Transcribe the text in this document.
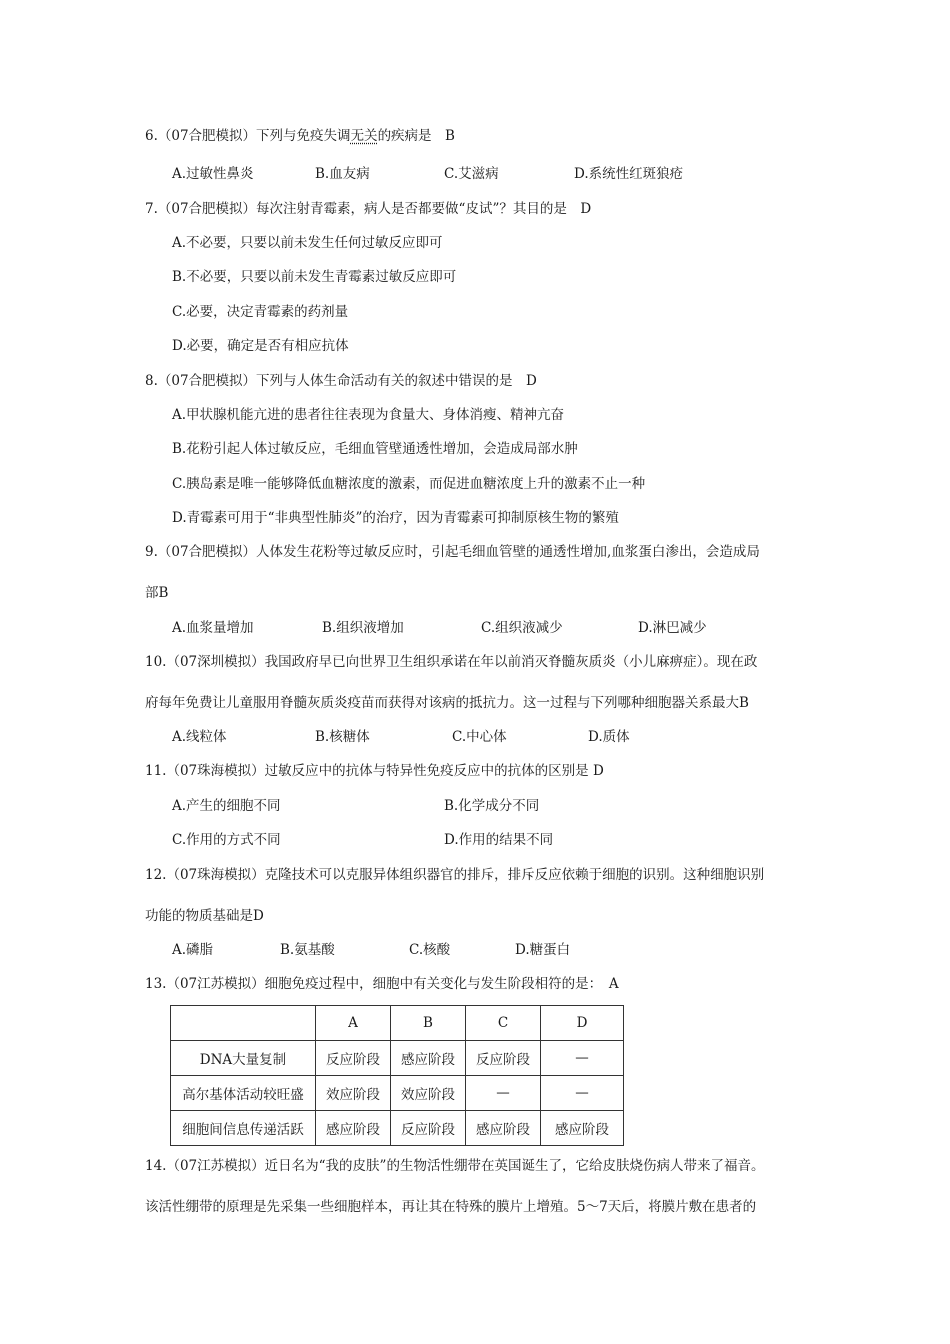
6.（07合肥模拟）下列与免疫失调无关的疾病是　B
A.过敏性鼻炎	B.血友病	C.艾滋病	D.系统性红斑狼疮
7.（07合肥模拟）每次注射青霉素，病人是否都要做“皮试”？其目的是　D
A.不必要，只要以前未发生任何过敏反应即可
B.不必要，只要以前未发生青霉素过敏反应即可
C.必要，决定青霉素的药剂量
D.必要，确定是否有相应抗体
8.（07合肥模拟）下列与人体生命活动有关的叙述中错误的是　D
A.甲状腺机能亢进的患者往往表现为食量大、身体消瘦、精神亢奋
B.花粉引起人体过敏反应，毛细血管壁通透性增加，会造成局部水肿
C.胰岛素是唯一能够降低血糖浓度的激素，而促进血糖浓度上升的激素不止一种
D.青霉素可用于“非典型性肺炎”的治疗，因为青霉素可抑制原核生物的繁殖
9.（07合肥模拟）人体发生花粉等过敏反应时，引起毛细血管壁的通透性增加,血浆蛋白渗出，会造成局
部B
A.血浆量增加	B.组织液增加	C.组织液减少	D.淋巴减少
10.（07深圳模拟）我国政府早已向世界卫生组织承诺在年以前消灭脊髓灰质炎（小儿麻痹症）。现在政
府每年免费让儿童服用脊髓灰质炎疫苗而获得对该病的抵抗力。这一过程与下列哪种细胞器关系最大B
A.线粒体	B.核糖体	C.中心体	D.质体
11.（07珠海模拟）过敏反应中的抗体与特异性免疫反应中的抗体的区别是 D
A.产生的细胞不同	B.化学成分不同
C.作用的方式不同	D.作用的结果不同
12.（07珠海模拟）克隆技术可以克服异体组织器官的排斥，排斥反应依赖于细胞的识别。这种细胞识别
功能的物质基础是D
A.磷脂	B.氨基酸	C.核酸	D.糖蛋白
13.（07江苏模拟）细胞免疫过程中，细胞中有关变化与发生阶段相符的是：　A
	A	B	C	D
DNA大量复制	反应阶段	感应阶段	反应阶段	—
高尔基体活动较旺盛	效应阶段	效应阶段	—	—
细胞间信息传递活跃	感应阶段	反应阶段	感应阶段	感应阶段
14.（07江苏模拟）近日名为“我的皮肤”的生物活性绷带在英国诞生了，它给皮肤烧伤病人带来了福音。
该活性绷带的原理是先采集一些细胞样本，再让其在特殊的膜片上增殖。5～7天后，将膜片敷在患者的
